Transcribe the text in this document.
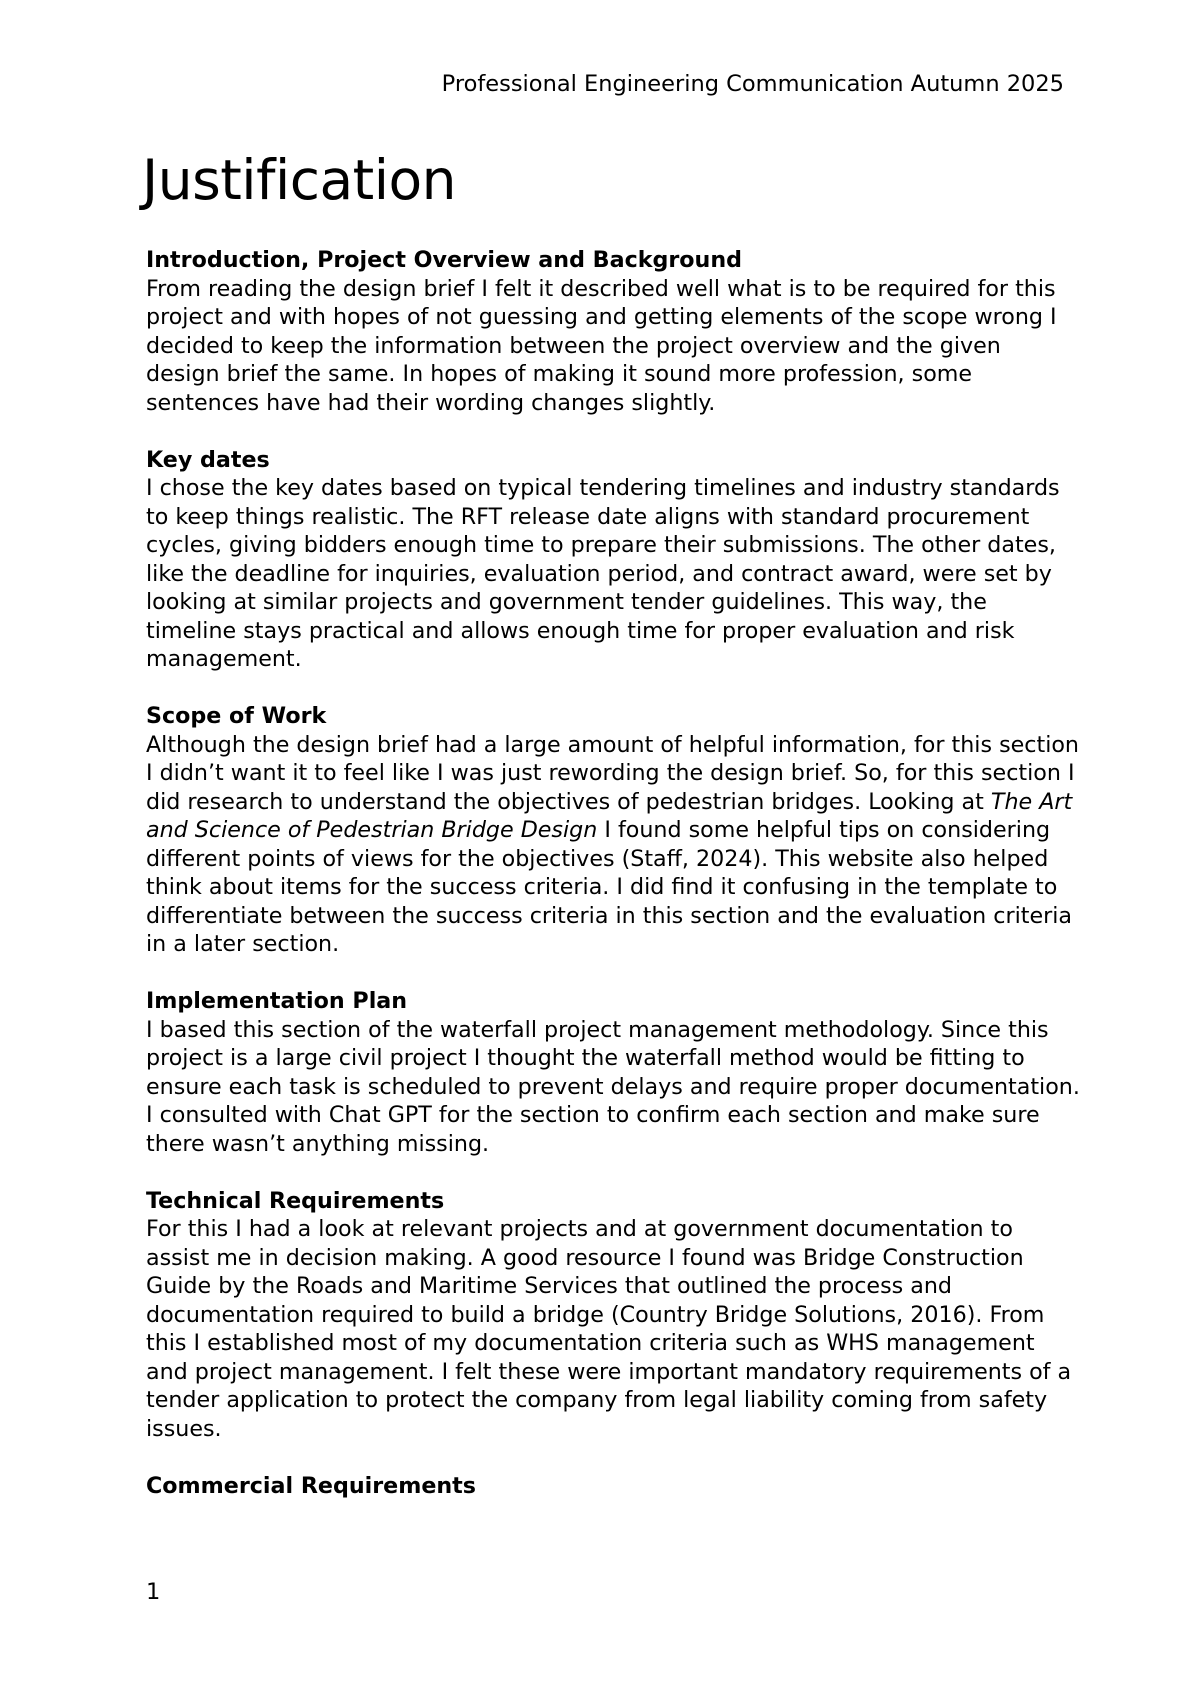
Professional Engineering Communication Autumn 2025
Justification
Introduction, Project Overview and Background
From reading the design brief I felt it described well what is to be required for this project and with hopes of not guessing and getting elements of the scope wrong I decided to keep the information between the project overview and the given design brief the same. In hopes of making it sound more profession, some sentences have had their wording changes slightly.
Key dates
I chose the key dates based on typical tendering timelines and industry standards to keep things realistic. The RFT release date aligns with standard procurement cycles, giving bidders enough time to prepare their submissions. The other dates, like the deadline for inquiries, evaluation period, and contract award, were set by looking at similar projects and government tender guidelines. This way, the timeline stays practical and allows enough time for proper evaluation and risk management.
Scope of Work
Although the design brief had a large amount of helpful information, for this section I didn’t want it to feel like I was just rewording the design brief. So, for this section I did research to understand the objectives of pedestrian bridges. Looking at The Art and Science of Pedestrian Bridge Design I found some helpful tips on considering different points of views for the objectives (Staff, 2024). This website also helped think about items for the success criteria. I did find it confusing in the template to differentiate between the success criteria in this section and the evaluation criteria in a later section.
Implementation Plan
I based this section of the waterfall project management methodology. Since this project is a large civil project I thought the waterfall method would be fitting to ensure each task is scheduled to prevent delays and require proper documentation. I consulted with Chat GPT for the section to confirm each section and make sure there wasn’t anything missing.
Technical Requirements
For this I had a look at relevant projects and at government documentation to assist me in decision making. A good resource I found was Bridge Construction Guide by the Roads and Maritime Services that outlined the process and documentation required to build a bridge (Country Bridge Solutions, 2016). From this I established most of my documentation criteria such as WHS management and project management. I felt these were important mandatory requirements of a tender application to protect the company from legal liability coming from safety issues.
Commercial Requirements
1
